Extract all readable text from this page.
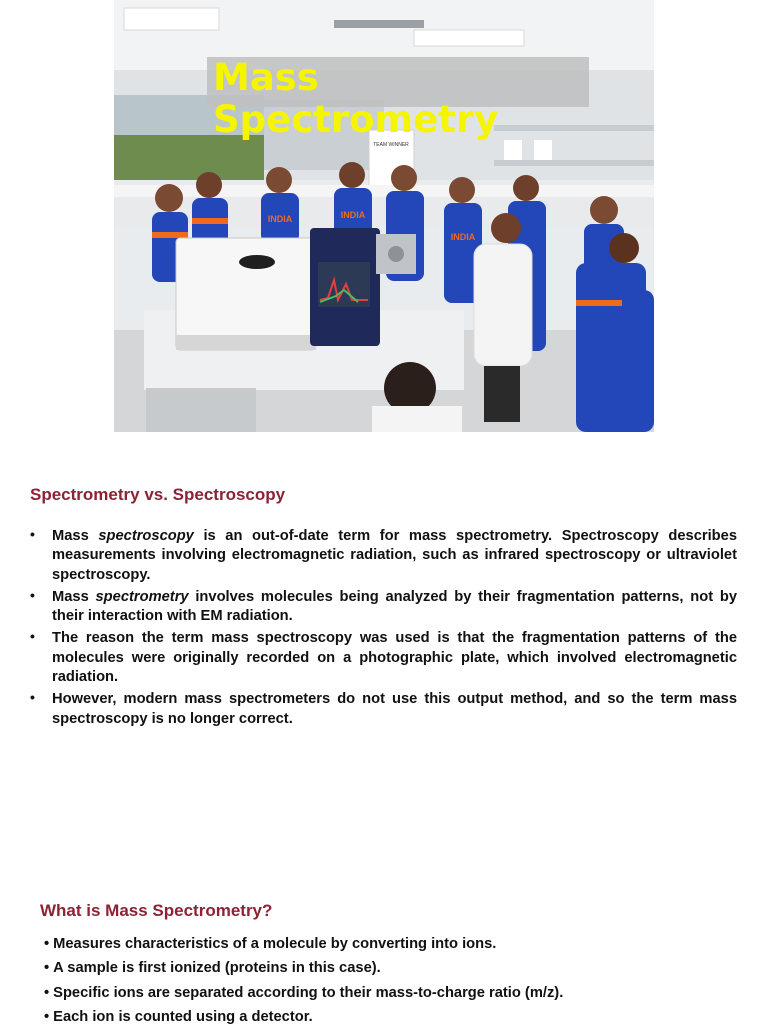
TEAM WINNER
INDIA	INDIA
INDIA
Mass
Spectrometry
Spectrometry vs. Spectroscopy
• Mass spectroscopy is an out-of-date term for mass spectrometry. Spectroscopy describes measurements involving electromagnetic radiation, such as infrared spectroscopy or ultraviolet spectroscopy.
• Mass spectrometry involves molecules being analyzed by their fragmentation patterns, not by their interaction with EM radiation.
• The reason the term mass spectroscopy was used is that the fragmentation patterns of the molecules were originally recorded on a photographic plate, which involved electromagnetic radiation.
• However, modern mass spectrometers do not use this output method, and so the term mass spectroscopy is no longer correct.
What is Mass Spectrometry?
• Measures characteristics of a molecule by converting into ions.
• A sample is first ionized (proteins in this case).
• Specific ions are separated according to their mass-to-charge ratio (m/z).
• Each ion is counted using a detector.
